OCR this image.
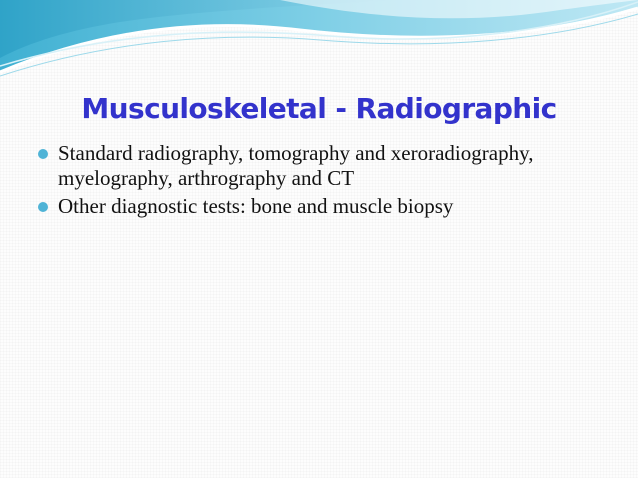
Musculoskeletal - Radiographic
Standard radiography, tomography and xeroradiography, myelography, arthrography and CT
Other diagnostic tests: bone and muscle biopsy
